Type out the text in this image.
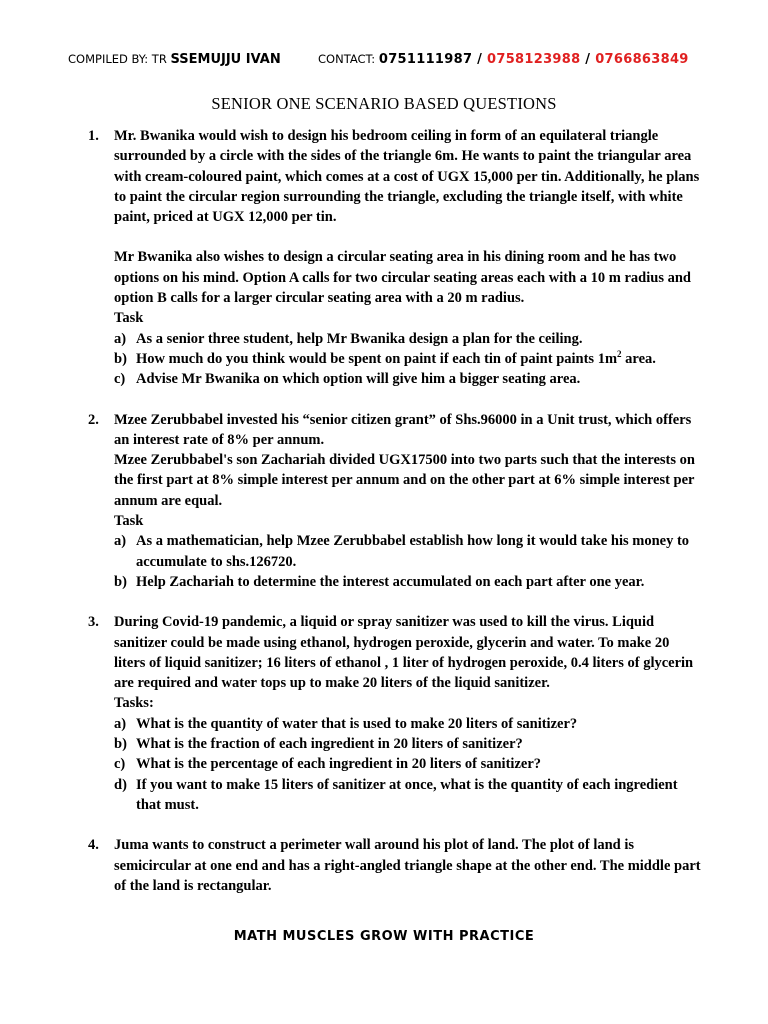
COMPILED BY: TR SSEMUJJU IVAN	CONTACT: 0751111987 / 0758123988 / 0766863849
SENIOR ONE SCENARIO BASED QUESTIONS
1.	Mr. Bwanika would wish to design his bedroom ceiling in form of an equilateral triangle surrounded by a circle with the sides of the triangle 6m. He wants to paint the triangular area with cream-coloured paint, which comes at a cost of UGX 15,000 per tin. Additionally, he plans to paint the circular region surrounding the triangle, excluding the triangle itself, with white paint, priced at UGX 12,000 per tin.
Mr Bwanika also wishes to design a circular seating area in his dining room and he has two options on his mind. Option A calls for two circular seating areas each with a 10 m radius and option B calls for a larger circular seating area with a 20 m radius.
Task
a) As a senior three student, help Mr Bwanika design a plan for the ceiling.
b) How much do you think would be spent on paint if each tin of paint paints $1m^2$ area.
c) Advise Mr Bwanika on which option will give him a bigger seating area.
2.	Mzee Zerubbabel invested his “senior citizen grant” of Shs.96000 in a Unit trust, which offers an interest rate of 8% per annum.
Mzee Zerubbabel's son Zachariah divided UGX17500 into two parts such that the interests on the first part at 8% simple interest per annum and on the other part at 6% simple interest per annum are equal.
Task
a) As a mathematician, help Mzee Zerubbabel establish how long it would take his money to accumulate to shs.126720.
b) Help Zachariah to determine the interest accumulated on each part after one year.
3.	During Covid-19 pandemic, a liquid or spray sanitizer was used to kill the virus. Liquid sanitizer could be made using ethanol, hydrogen peroxide, glycerin and water. To make 20 liters of liquid sanitizer; 16 liters of ethanol , 1 liter of hydrogen peroxide, 0.4 liters of glycerin are required and water tops up to make 20 liters of the liquid sanitizer.
Tasks:
a) What is the quantity of water that is used to make 20 liters of sanitizer?
b) What is the fraction of each ingredient in 20 liters of sanitizer?
c) What is the percentage of each ingredient in 20 liters of sanitizer?
d) If you want to make 15 liters of sanitizer at once, what is the quantity of each ingredient that must.
4.	Juma wants to construct a perimeter wall around his plot of land. The plot of land is semicircular at one end and has a right-angled triangle shape at the other end. The middle part of the land is rectangular.
MATH MUSCLES GROW WITH PRACTICE
